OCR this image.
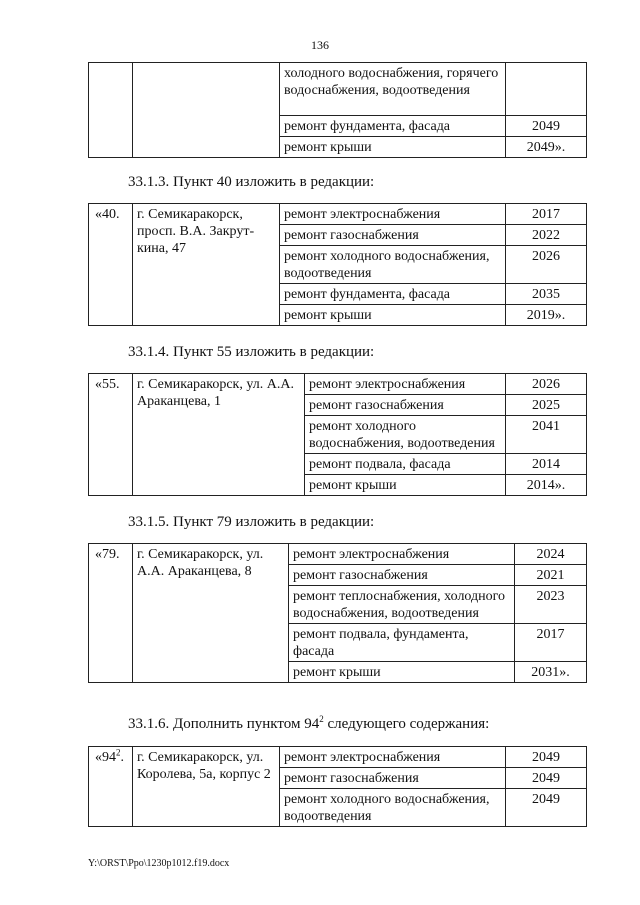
136
		холодного водоснабжения, горячего водоснабжения, водоотведения	
		ремонт фундамента, фасада	2049
		ремонт крыши	2049».
33.1.3. Пункт 40 изложить в редакции:
«40.	г. Семикаракорск, просп. В.А. Закрут-кина, 47	ремонт электроснабжения	2017
		ремонт газоснабжения	2022
		ремонт холодного водоснабжения, водоотведения	2026
		ремонт фундамента, фасада	2035
		ремонт крыши	2019».
33.1.4. Пункт 55 изложить в редакции:
«55.	г. Семикаракорск, ул. А.А. Араканцева, 1	ремонт электроснабжения	2026
		ремонт газоснабжения	2025
		ремонт холодного водоснабжения, водоотведения	2041
		ремонт подвала, фасада	2014
		ремонт крыши	2014».
33.1.5. Пункт 79 изложить в редакции:
«79.	г. Семикаракорск, ул. А.А. Араканцева, 8	ремонт электроснабжения	2024
		ремонт газоснабжения	2021
		ремонт теплоснабжения, холодного водоснабжения, водоотведения	2023
		ремонт подвала, фундамента, фасада	2017
		ремонт крыши	2031».
33.1.6. Дополнить пунктом $94^2$ следующего содержания:
«$94^2$.	г. Семикаракорск, ул. Королева, 5а, корпус 2	ремонт электроснабжения	2049
		ремонт газоснабжения	2049
		ремонт холодного водоснабжения, водоотведения	2049
Y:\ORST\Ppo\1230p1012.f19.docx
